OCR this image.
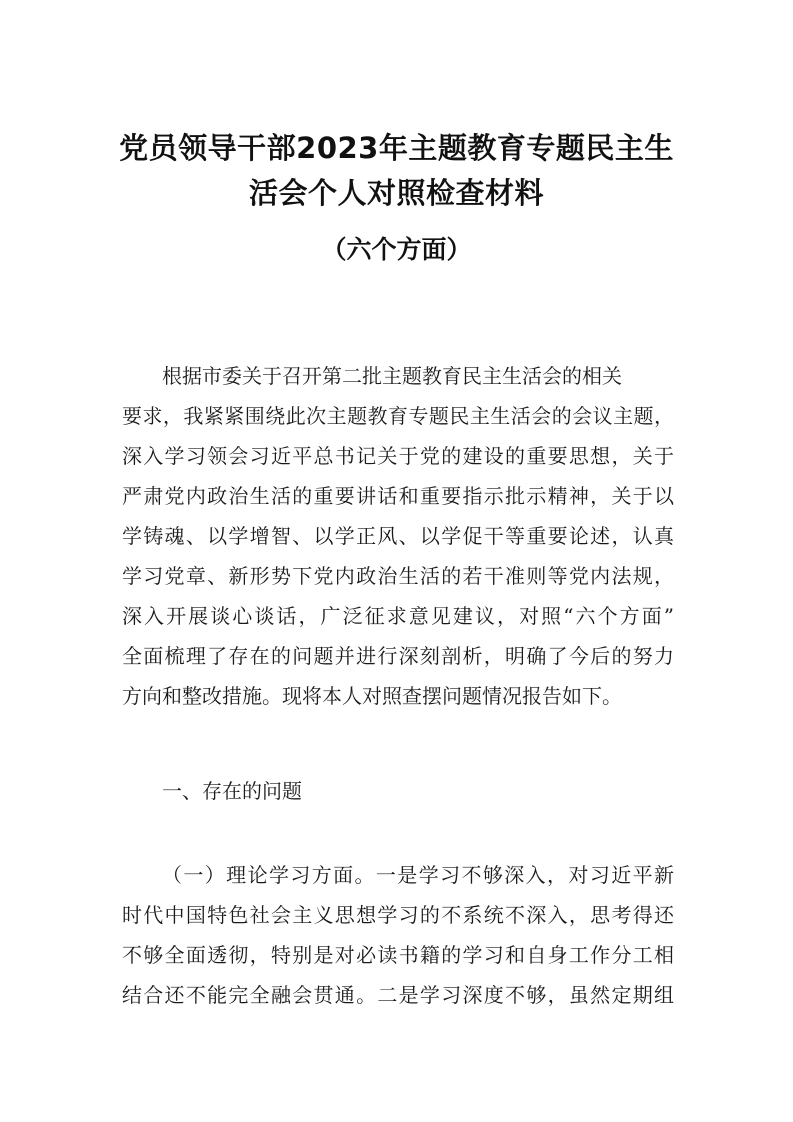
党员领导干部2023年主题教育专题民主生
活会个人对照检查材料
（六个方面）
根据市委关于召开第二批主题教育民主生活会的相关
要求，我紧紧围绕此次主题教育专题民主生活会的会议主题，
深入学习领会习近平总书记关于党的建设的重要思想，关于
严肃党内政治生活的重要讲话和重要指示批示精神，关于以
学铸魂、以学增智、以学正风、以学促干等重要论述，认真
学习党章、新形势下党内政治生活的若干准则等党内法规，
深入开展谈心谈话，广泛征求意见建议，对照“六个方面”
全面梳理了存在的问题并进行深刻剖析，明确了今后的努力
方向和整改措施。现将本人对照查摆问题情况报告如下。
一、存在的问题
（一）理论学习方面。一是学习不够深入，对习近平新
时代中国特色社会主义思想学习的不系统不深入，思考得还
不够全面透彻，特别是对必读书籍的学习和自身工作分工相
结合还不能完全融会贯通。二是学习深度不够，虽然定期组
